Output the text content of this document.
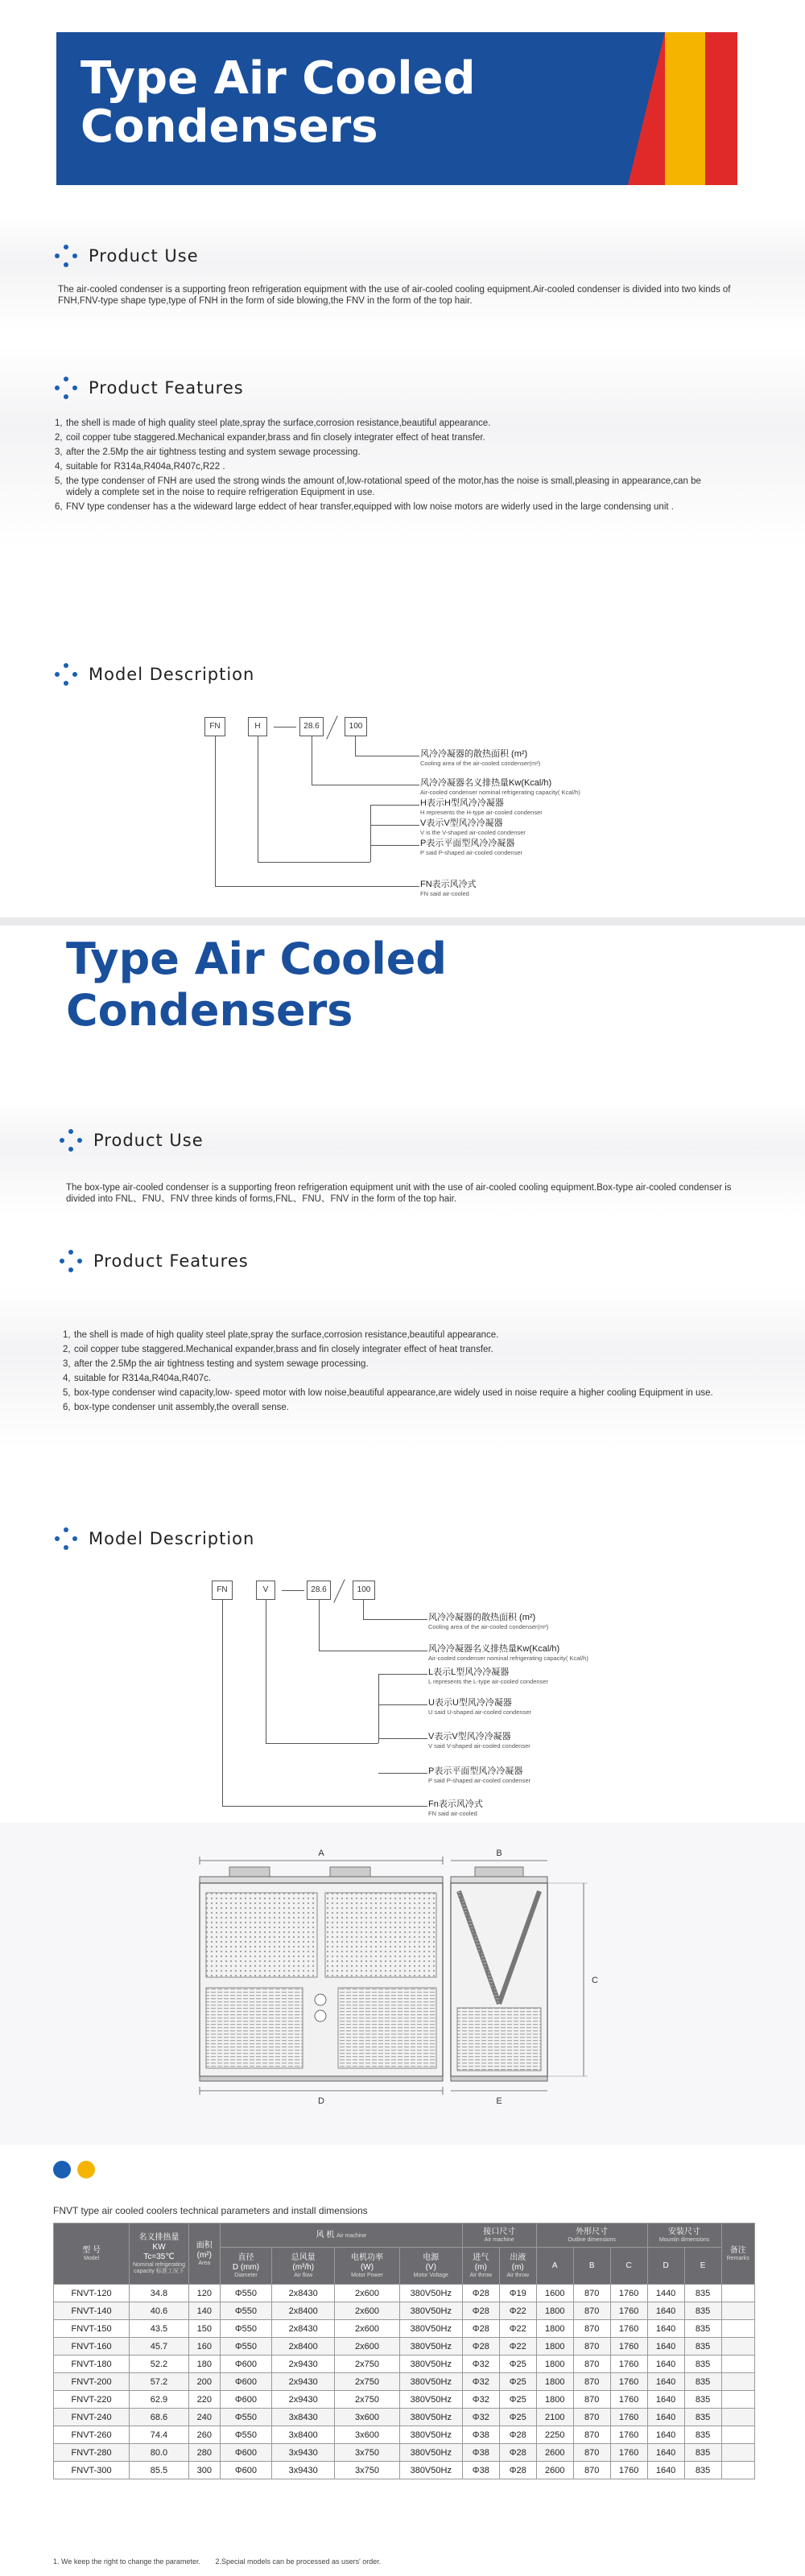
Type Air Cooled
Condensers
Product Use

The air-cooled condenser is a supporting freon refrigeration equipment with the use of air-cooled cooling equipment.Air-cooled condenser is divided into two kinds of FNH,FNV-type shape type,type of FNH in the form of side blowing,the FNV in the form of the top hair.

Product Features
1, the shell is made of high quality steel plate,spray the surface,corrosion resistance,beautiful appearance.
2, coil copper tube staggered.Mechanical expander,brass and fin closely integrater effect of heat transfer.
3, after the 2.5Mp the air tightness testing and system sewage processing.
4, suitable for R314a,R404a,R407c,R22 .
5, the type condenser of FNH are used the strong winds the amount of,low-rotational speed of the motor,has the noise is small,pleasing in appearance,can be widely a complete set in the noise to require refrigeration Equipment in use.
6, FNV type condenser has a the wideward large eddect of hear transfer,equipped with low noise motors are widerly used in the large condensing unit .
Model Description
FN	H	28.6	100
风冷冷凝器的散热面积 (m²)
Cooling area of the air-cooled condenser(m²)
风冷冷凝器名义排热量Kw(Kcal/h)
Air-cooled condenser nominal refrigerating capacity( Kcal/h)
H表示H型风冷冷凝器
H represents the H-type air-cooled condenser
V表示V型风冷冷凝器
V is the V-shaped air-cooled condenser
P表示平面型风冷冷凝器
P said P-shaped air-cooled condenser
FN表示风冷式
FN said air-cooled
Type Air Cooled
Condensers
Product Use

The box-type air-cooled condenser is a supporting freon refrigeration equipment unit with the use of air-cooled cooling equipment.Box-type air-cooled condenser is divided into FNL、FNU、FNV three kinds of forms,FNL、FNU、FNV in the form of the top hair.

Product Features
1, the shell is made of high quality steel plate,spray the surface,corrosion resistance,beautiful appearance.
2, coil copper tube staggered.Mechanical expander,brass and fin closely integrater effect of heat transfer.
3, after the 2.5Mp the air tightness testing and system sewage processing.
4, suitable for R314a,R404a,R407c.
5, box-type condenser wind capacity,low- speed motor with low noise,beautiful appearance,are widely used in noise require a higher cooling Equipment in use.
6, box-type condenser unit assembly,the overall sense.
Model Description
FN	V	28.6	100
风冷冷凝器的散热面积 (m²)
Cooling area of the air-cooled condenser(m²)
风冷冷凝器名义排热量Kw(Kcal/h)
Air-cooled condenser nominal refrigerating capacity( Kcal/h)
L表示L型风冷冷凝器
L represents the L-type air-cooled condenser
U表示U型风冷冷凝器
U said U-shaped air-cooled condenser
V表示V型风冷冷凝器
V said V-shaped air-cooled condenser
P表示平面型风冷冷凝器
P said P-shaped air-cooled condenser
Fn表示风冷式
FN said air-cooled
A
D
B
C
E
FNVT type air cooled coolers technical parameters and install dimensions
型 号
Model	名义排热量
KW
Tc=35℃
Nominal refrigerating capacity 标准工况下	面积
(m²)
Area	风 机 Air machine				接口尺寸
Air machine		外形尺寸
Outline dimensions			安装尺寸
Mountin dimensions		备注
Remarks

			直径
D (mm)
Diameter	总风量
(m³/h)
Air flow	电机功率
(W)
Motor Power	电源
(V)
Motor Voltage	进气
(m)
Air throw	出液
(m)
Air throw	A	B	C	D	E	
FNVT-120	34.8	120	Φ550	2x8430	2x600	380V50Hz	Φ28	Φ19	1600	870	1760	1440	835	
FNVT-140	40.6	140	Φ550	2x8400	2x600	380V50Hz	Φ28	Φ22	1800	870	1760	1640	835	
FNVT-150	43.5	150	Φ550	2x8430	2x600	380V50Hz	Φ28	Φ22	1800	870	1760	1640	835	
FNVT-160	45.7	160	Φ550	2x8400	2x600	380V50Hz	Φ28	Φ22	1800	870	1760	1640	835	
FNVT-180	52.2	180	Φ600	2x9430	2x750	380V50Hz	Φ32	Φ25	1800	870	1760	1640	835	
FNVT-200	57.2	200	Φ600	2x9430	2x750	380V50Hz	Φ32	Φ25	1800	870	1760	1640	835	
FNVT-220	62.9	220	Φ600	2x9430	2x750	380V50Hz	Φ32	Φ25	1800	870	1760	1640	835	
FNVT-240	68.6	240	Φ550	3x8430	3x600	380V50Hz	Φ32	Φ25	2100	870	1760	1640	835	
FNVT-260	74.4	260	Φ550	3x8400	3x600	380V50Hz	Φ38	Φ28	2250	870	1760	1640	835	
FNVT-280	80.0	280	Φ600	3x9430	3x750	380V50Hz	Φ38	Φ28	2600	870	1760	1640	835	
FNVT-300	85.5	300	Φ600	3x9430	3x750	380V50Hz	Φ38	Φ28	2600	870	1760	1640	835	
1. We keep the right to change the parameter. 2.Special models can be processed as users' order.
